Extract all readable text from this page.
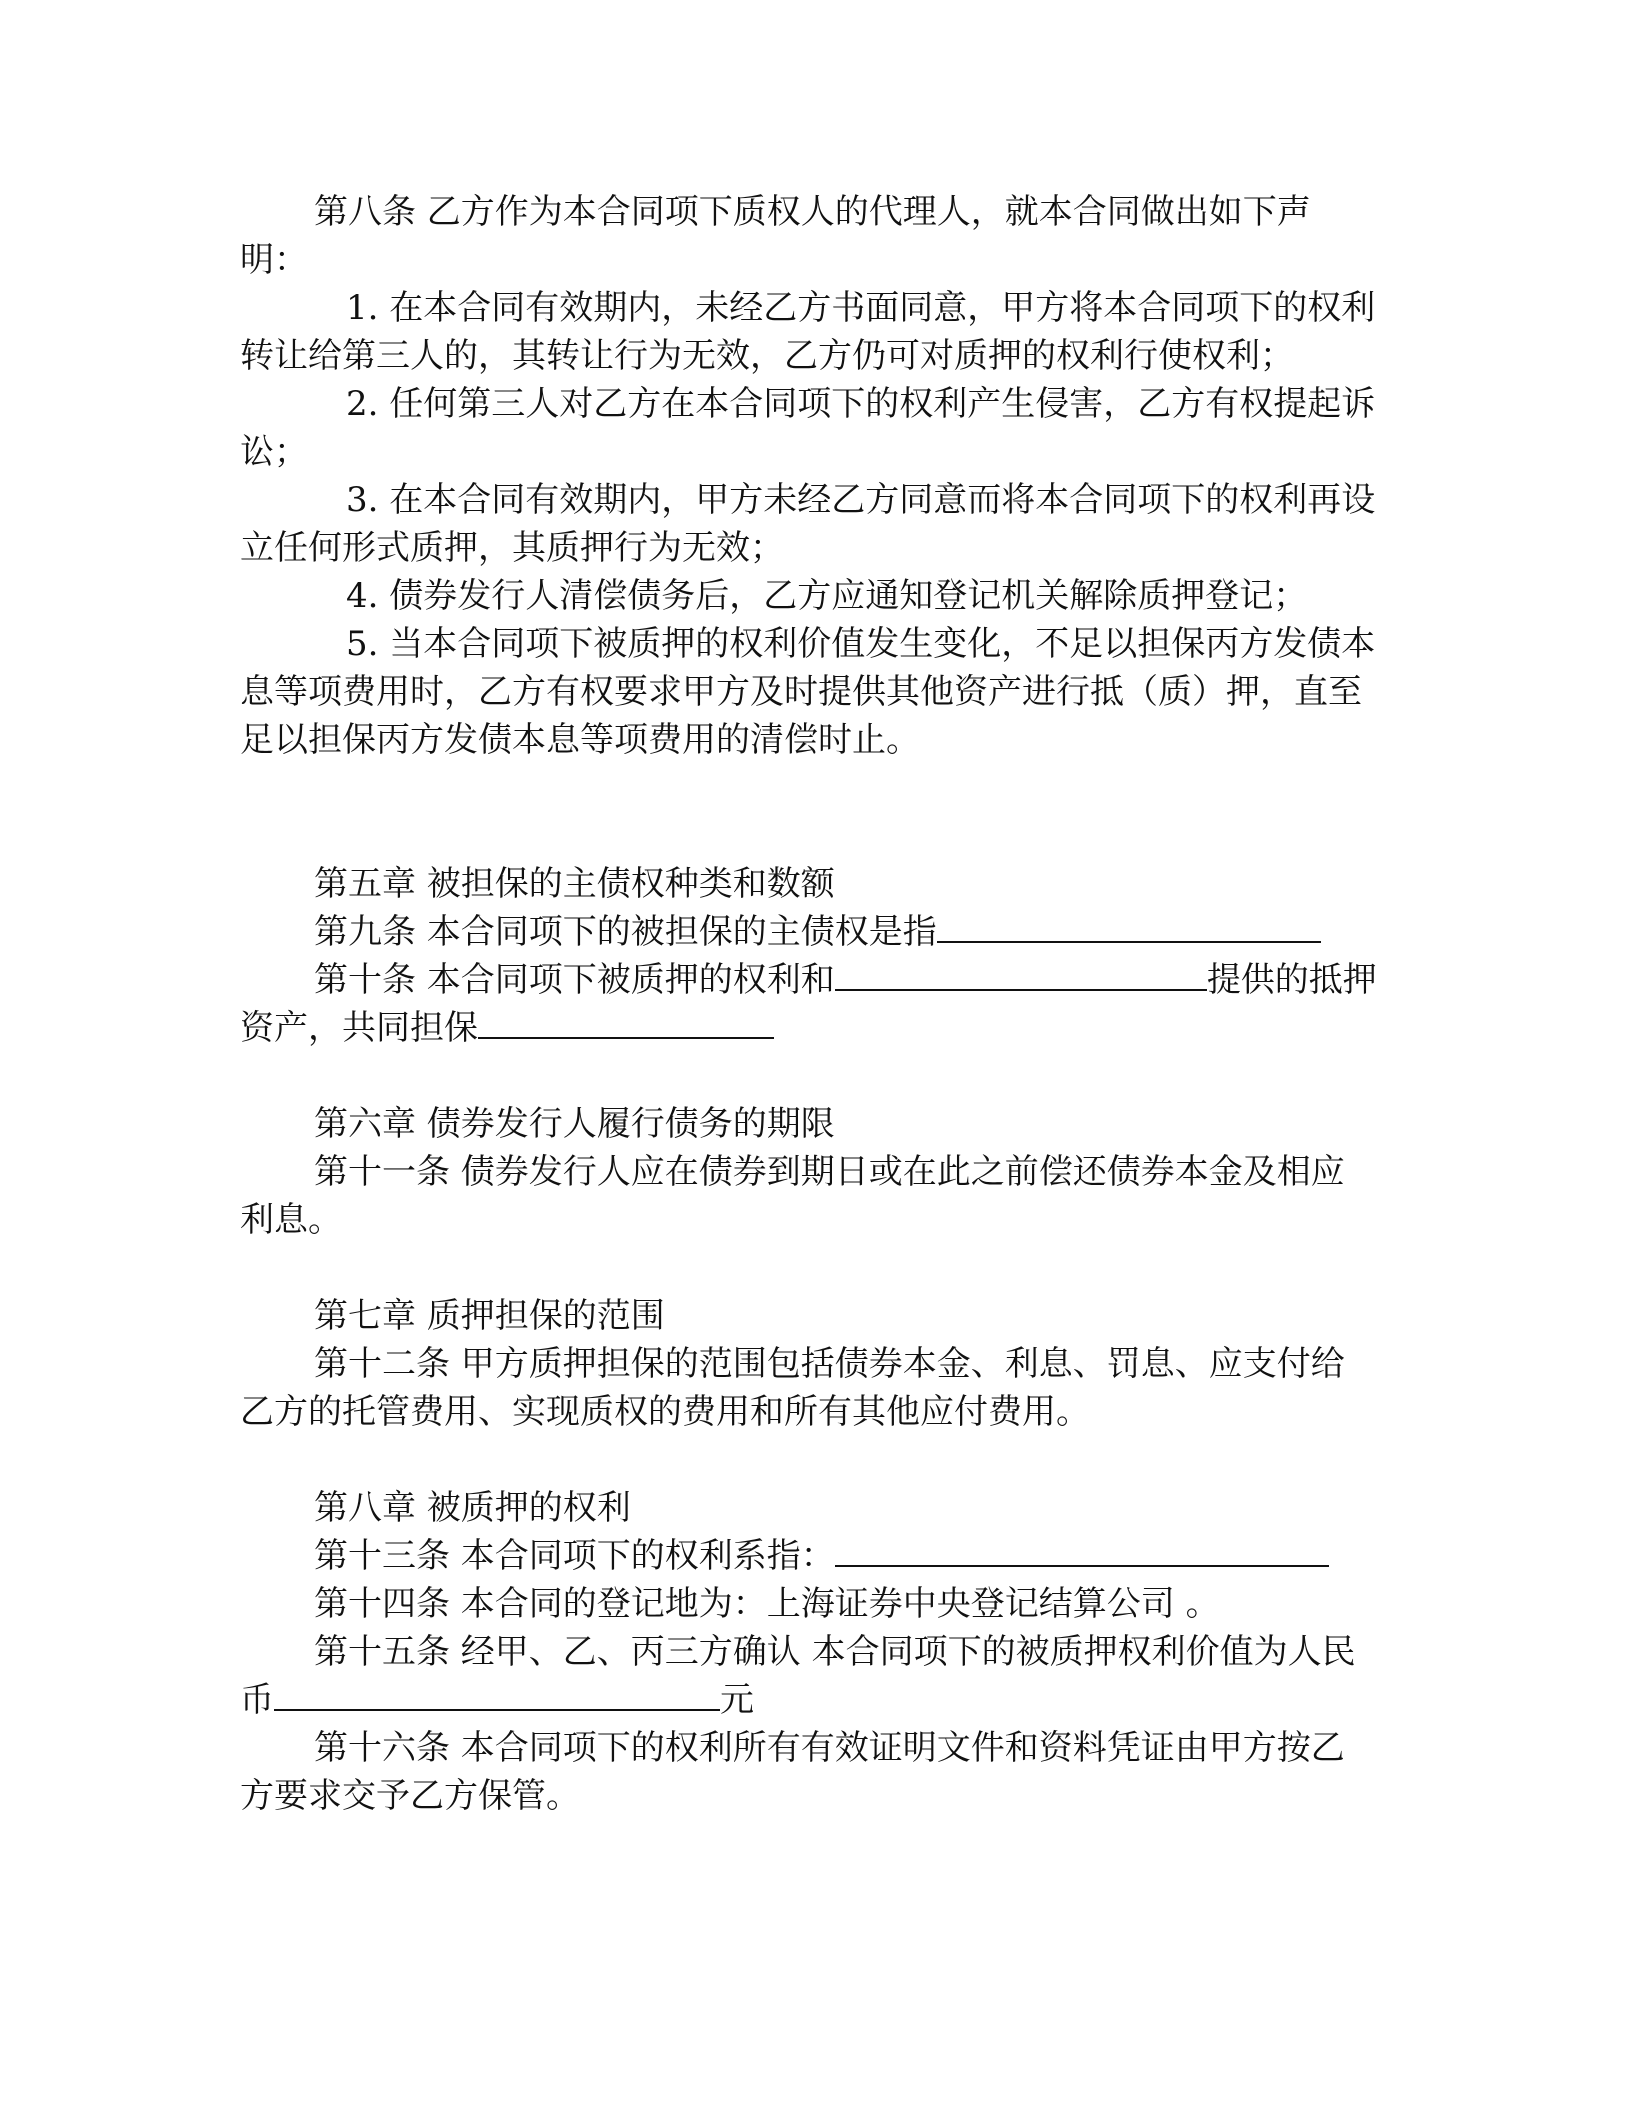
第八条 乙方作为本合同项下质权人的代理人，就本合同做出如下声明：

1. 在本合同有效期内，未经乙方书面同意，甲方将本合同项下的权利转让给第三人的，其转让行为无效，乙方仍可对质押的权利行使权利；

2. 任何第三人对乙方在本合同项下的权利产生侵害，乙方有权提起诉讼；

3. 在本合同有效期内，甲方未经乙方同意而将本合同项下的权利再设立任何形式质押，其质押行为无效；

4. 债券发行人清偿债务后，乙方应通知登记机关解除质押登记；

5. 当本合同项下被质押的权利价值发生变化，不足以担保丙方发债本息等项费用时，乙方有权要求甲方及时提供其他资产进行抵（质）押，直至足以担保丙方发债本息等项费用的清偿时止。

第五章 被担保的主债权种类和数额

第九条 本合同项下的被担保的主债权是指

第十条 本合同项下被质押的权利和	提供的抵押资产，共同担保

第六章 债券发行人履行债务的期限

第十一条 债券发行人应在债券到期日或在此之前偿还债券本金及相应利息。

第七章 质押担保的范围

第十二条 甲方质押担保的范围包括债券本金、利息、罚息、应支付给乙方的托管费用、实现质权的费用和所有其他应付费用。

第八章 被质押的权利

第十三条 本合同项下的权利系指：

第十四条 本合同的登记地为：上海证券中央登记结算公司 。

第十五条 经甲、乙、丙三方确认 本合同项下的被质押权利价值为人民币	元

第十六条 本合同项下的权利所有有效证明文件和资料凭证由甲方按乙方要求交予乙方保管。
